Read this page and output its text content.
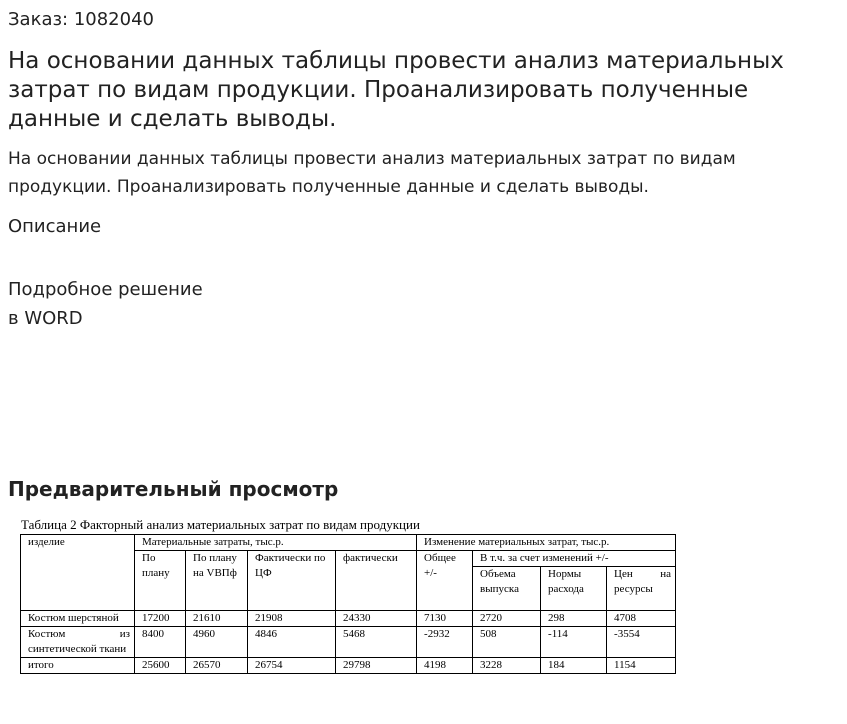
Заказ: 1082040
На основании данных таблицы провести анализ материальных затрат по видам продукции. Проанализировать полученные данные и сделать выводы.

На основании данных таблицы провести анализ материальных затрат по видам продукции. Проанализировать полученные данные и сделать выводы.

Описание
Подробное решение
в WORD
Предварительный просмотр

Таблица 2 Факторный анализ материальных затрат по видам продукции

изделие	Материальные затраты, тыс.р.				Изменение материальных затрат, тыс.р.			
	По плану	По плану на VBПф	Фактически по ЦФ	фактически	Общее +/-	В т.ч. за счет изменений +/-		
						Объема выпуска	Нормы расхода	Цен на
ресурсы

Костюм шерстяной	17200	21610	21908	24330	7130	2720	298	4708

Костюм из
синтетической ткани	8400	4960	4846	5468	-2932	508	-114	-3554
итого	25600	26570	26754	29798	4198	3228	184	1154
